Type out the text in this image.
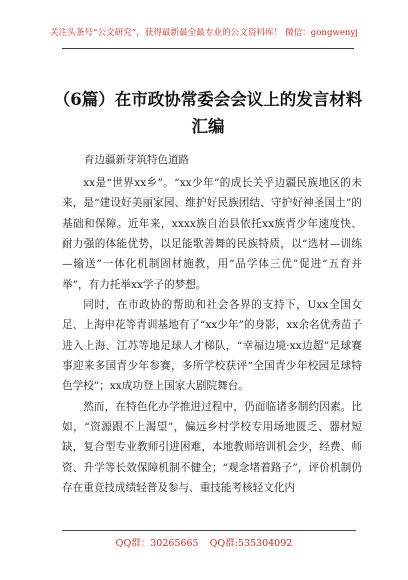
关注头条号“公文研究”，获得最新最全最专业的公文资料库！ 微信：gongwenyj
（6篇）在市政协常委会会议上的发言材料汇编
育边疆新芽筑特色道路

xx是“世界xx乡”。“xx少年”的成长关乎边疆民族地区的未来，是“建设好美丽家园、维护好民族团结、守护好神圣国土”的基础和保障。近年来，xxxx族自治县依托xx族青少年速度快、耐力强的体能优势，以足能歌善舞的民族特质，以“选材—训练—输送”一体化机制固材施教，用“品学体三优”促进“五育并举”，有力托举xx学子的梦想。

同时，在市政协的帮助和社会各界的支持下，Uxx全国女足、上海申花等青训基地有了“xx少年”的身影，xx余名优秀苗子进入上海、江苏等地足球人才梯队，“幸福边境·xx边超”足球赛事迎来多国青少年参赛，多所学校获评“全国青少年校园足球特色学校”；xx成功登上国家大剧院舞台。

然而，在特色化办学推进过程中，仍面临诸多制约因素。比如，“资源跟不上渴望”，偏远乡村学校专用场地匮乏、器材短缺，复合型专业教师引进困难，本地教师培训机会少，经费、师资、升学等长效保障机制不健全；“观念堵着路子”，评价机制仍存在重竞技成绩轻普及参与、重技能考核轻文化内

QQ群：30265665 QQ群:535304092
